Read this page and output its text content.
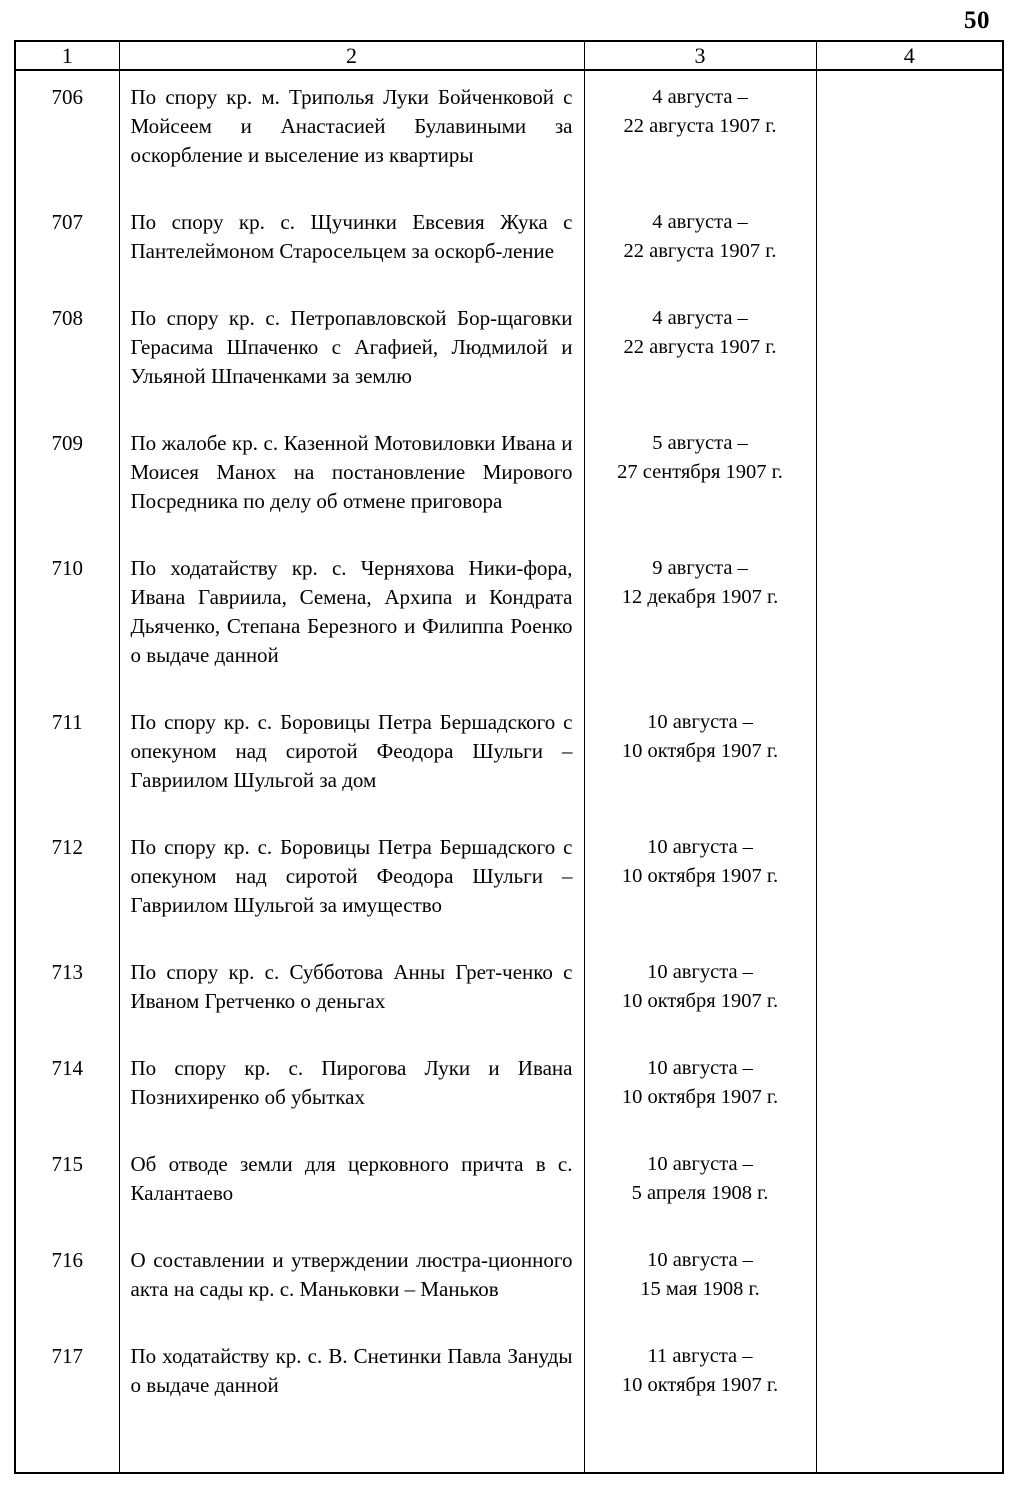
50
1	2	3	4

706	По спору кр. м. Триполья Луки Бойченковой с Мойсеем и Анастасией Булавиными за оскорбление и выселение из квартиры	4 августа –
22 августа 1907 г.	

707	По спору кр. с. Щучинки Евсевия Жука с Пантелеймоном Старосельцем за оскорб-ление	4 августа –
22 августа 1907 г.	

708	По спору кр. с. Петропавловской Бор-щаговки Герасима Шпаченко с Агафией, Людмилой и Ульяной Шпаченками за землю	4 августа –
22 августа 1907 г.	

709	По жалобе кр. с. Казенной Мотовиловки Ивана и Моисея Манох на постановление Мирового Посредника по делу об отмене приговора	5 августа –
27 сентября 1907 г.	

710	По ходатайству кр. с. Черняхова Ники-фора, Ивана Гавриила, Семена, Архипа и Кондрата Дьяченко, Степана Березного и Филиппа Роенко о выдаче данной	9 августа –
12 декабря 1907 г.	

711	По спору кр. с. Боровицы Петра Бершадского с опекуном над сиротой Феодора Шульги – Гавриилом Шульгой за дом	10 августа –
10 октября 1907 г.	

712	По спору кр. с. Боровицы Петра Бершадского с опекуном над сиротой Феодора Шульги – Гавриилом Шульгой за имущество	10 августа –
10 октября 1907 г.	

713	По спору кр. с. Субботова Анны Грет-ченко с Иваном Гретченко о деньгах	10 августа –
10 октября 1907 г.	

714	По спору кр. с. Пирогова Луки и Ивана Познихиренко об убытках	10 августа –
10 октября 1907 г.	

715	Об отводе земли для церковного причта в с. Калантаево	10 августа –
5 апреля 1908 г.	

716	О составлении и утверждении люстра-ционного акта на сады кр. с. Маньковки – Маньков	10 августа –
15 мая 1908 г.	

717	По ходатайству кр. с. В. Снетинки Павла Зануды о выдаче данной	11 августа –
10 октября 1907 г.	
